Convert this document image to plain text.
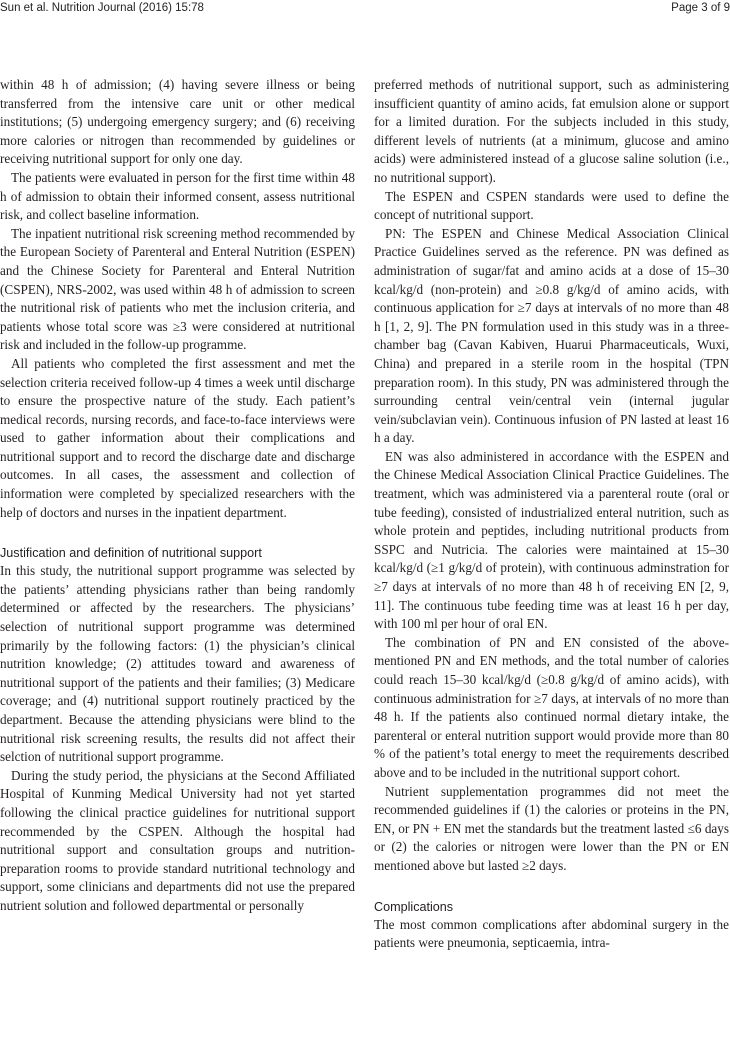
Sun et al. Nutrition Journal (2016) 15:78	Page 3 of 9

within 48 h of admission; (4) having severe illness or being transferred from the intensive care unit or other medical institutions; (5) undergoing emergency surgery; and (6) receiving more calories or nitrogen than recommended by guidelines or receiving nutritional support for only one day.

The patients were evaluated in person for the first time within 48 h of admission to obtain their informed consent, assess nutritional risk, and collect baseline information.

The inpatient nutritional risk screening method recommended by the European Society of Parenteral and Enteral Nutrition (ESPEN) and the Chinese Society for Parenteral and Enteral Nutrition (CSPEN), NRS-2002, was used within 48 h of admission to screen the nutritional risk of patients who met the inclusion criteria, and patients whose total score was ≥3 were considered at nutritional risk and included in the follow-up programme.

All patients who completed the first assessment and met the selection criteria received follow-up 4 times a week until discharge to ensure the prospective nature of the study. Each patient’s medical records, nursing records, and face-to-face interviews were used to gather information about their complications and nutritional support and to record the discharge date and discharge outcomes. In all cases, the assessment and collection of information were completed by specialized researchers with the help of doctors and nurses in the inpatient department.

Justification and definition of nutritional support

In this study, the nutritional support programme was selected by the patients’ attending physicians rather than being randomly determined or affected by the researchers. The physicians’ selection of nutritional support programme was determined primarily by the following factors: (1) the physician’s clinical nutrition knowledge; (2) attitudes toward and awareness of nutritional support of the patients and their families; (3) Medicare coverage; and (4) nutritional support routinely practiced by the department. Because the attending physicians were blind to the nutritional risk screening results, the results did not affect their selction of nutritional support programme.

During the study period, the physicians at the Second Affiliated Hospital of Kunming Medical University had not yet started following the clinical practice guidelines for nutritional support recommended by the CSPEN. Although the hospital had nutritional support and consultation groups and nutrition-preparation rooms to provide standard nutritional technology and support, some clinicians and departments did not use the prepared nutrient solution and followed departmental or personally

preferred methods of nutritional support, such as administering insufficient quantity of amino acids, fat emulsion alone or support for a limited duration. For the subjects included in this study, different levels of nutrients (at a minimum, glucose and amino acids) were administered instead of a glucose saline solution (i.e., no nutritional support).

The ESPEN and CSPEN standards were used to define the concept of nutritional support.

PN: The ESPEN and Chinese Medical Association Clinical Practice Guidelines served as the reference. PN was defined as administration of sugar/fat and amino acids at a dose of 15–30 kcal/kg/d (non-protein) and ≥0.8 g/kg/d of amino acids, with continuous application for ≥7 days at intervals of no more than 48 h [1, 2, 9]. The PN formulation used in this study was in a three-chamber bag (Cavan Kabiven, Huarui Pharmaceuticals, Wuxi, China) and prepared in a sterile room in the hospital (TPN preparation room). In this study, PN was administered through the surrounding central vein/central vein (internal jugular vein/subclavian vein). Continuous infusion of PN lasted at least 16 h a day.

EN was also administered in accordance with the ESPEN and the Chinese Medical Association Clinical Practice Guidelines. The treatment, which was administered via a parenteral route (oral or tube feeding), consisted of industrialized enteral nutrition, such as whole protein and peptides, including nutritional products from SSPC and Nutricia. The calories were maintained at 15–30 kcal/kg/d (≥1 g/kg/d of protein), with continuous adminstration for ≥7 days at intervals of no more than 48 h of receiving EN [2, 9, 11]. The continuous tube feeding time was at least 16 h per day, with 100 ml per hour of oral EN.

The combination of PN and EN consisted of the above-mentioned PN and EN methods, and the total number of calories could reach 15–30 kcal/kg/d (≥0.8 g/kg/d of amino acids), with continuous administration for ≥7 days, at intervals of no more than 48 h. If the patients also continued normal dietary intake, the parenteral or enteral nutrition support would provide more than 80 % of the patient’s total energy to meet the requirements described above and to be included in the nutritional support cohort.

Nutrient supplementation programmes did not meet the recommended guidelines if (1) the calories or proteins in the PN, EN, or PN + EN met the standards but the treatment lasted ≤6 days or (2) the calories or nitrogen were lower than the PN or EN mentioned above but lasted ≥2 days.

Complications

The most common complications after abdominal surgery in the patients were pneumonia, septicaemia, intra-
